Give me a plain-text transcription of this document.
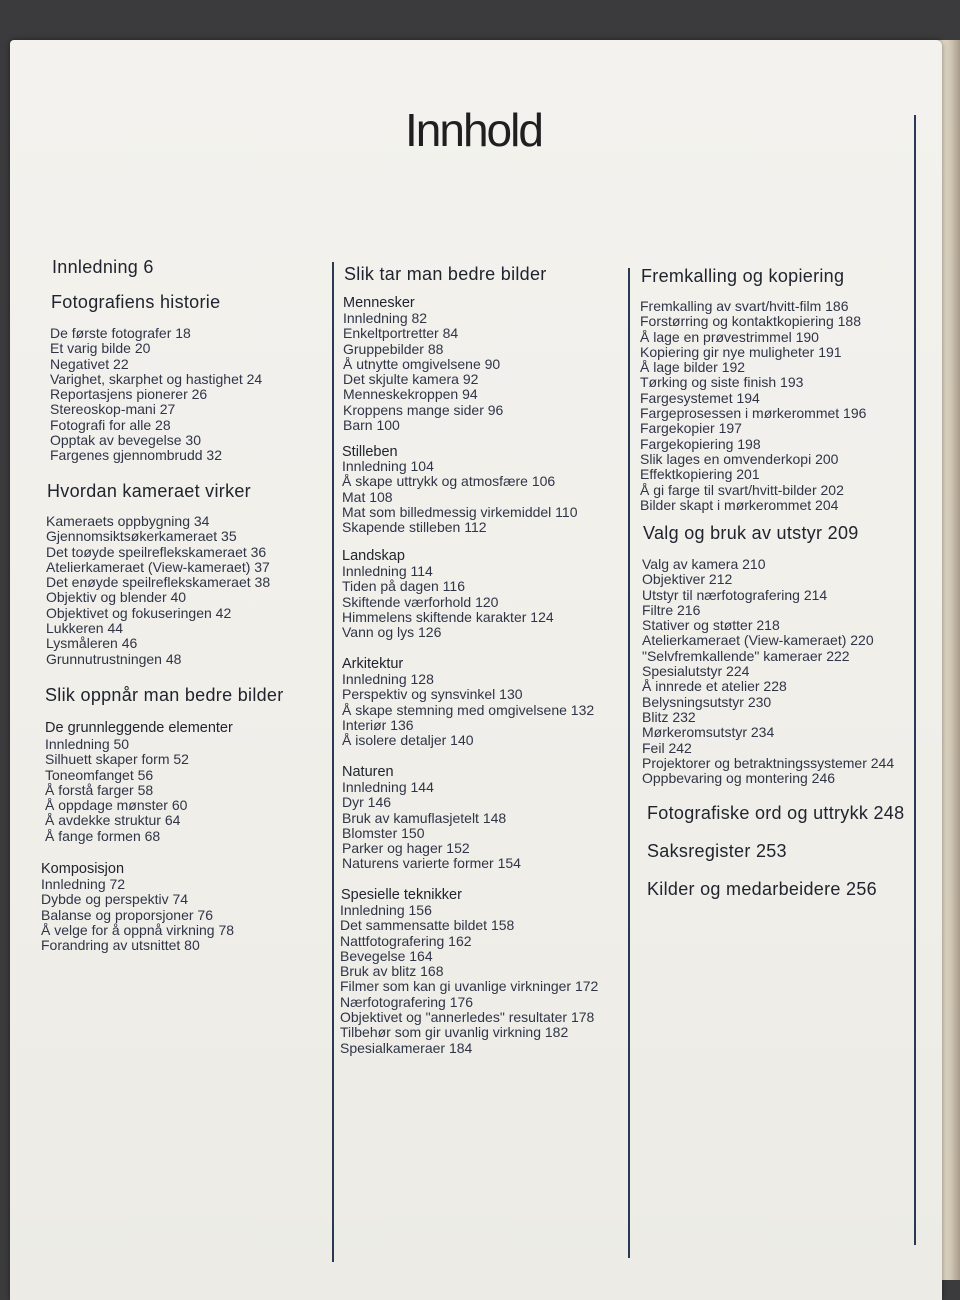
Innhold
Innledning 6
Fotografiens historie
De første fotografer 18
Et varig bilde 20
Negativet 22
Varighet, skarphet og hastighet 24
Reportasjens pionerer 26
Stereoskop-mani 27
Fotografi for alle 28
Opptak av bevegelse 30
Fargenes gjennombrudd 32
Hvordan kameraet virker
Kameraets oppbygning 34
Gjennomsiktsøkerkameraet 35
Det toøyde speilreflekskameraet 36
Atelierkameraet (View-kameraet) 37
Det enøyde speilreflekskameraet 38
Objektiv og blender 40
Objektivet og fokuseringen 42
Lukkeren 44
Lysmåleren 46
Grunnutrustningen 48
Slik oppnår man bedre bilder
De grunnleggende elementer
Innledning 50
Silhuett skaper form 52
Toneomfanget 56
Å forstå farger 58
Å oppdage mønster 60
Å avdekke struktur 64
Å fange formen 68
Komposisjon
Innledning 72
Dybde og perspektiv 74
Balanse og proporsjoner 76
Å velge for å oppnå virkning 78
Forandring av utsnittet 80
Slik tar man bedre bilder
Mennesker
Innledning 82
Enkeltportretter 84
Gruppebilder 88
Å utnytte omgivelsene 90
Det skjulte kamera 92
Menneskekroppen 94
Kroppens mange sider 96
Barn 100
Stilleben
Innledning 104
Å skape uttrykk og atmosfære 106
Mat 108
Mat som billedmessig virkemiddel 110
Skapende stilleben 112
Landskap
Innledning 114
Tiden på dagen 116
Skiftende værforhold 120
Himmelens skiftende karakter 124
Vann og lys 126
Arkitektur
Innledning 128
Perspektiv og synsvinkel 130
Å skape stemning med omgivelsene 132
Interiør 136
Å isolere detaljer 140
Naturen
Innledning 144
Dyr 146
Bruk av kamuflasjetelt 148
Blomster 150
Parker og hager 152
Naturens varierte former 154
Spesielle teknikker
Innledning 156
Det sammensatte bildet 158
Nattfotografering 162
Bevegelse 164
Bruk av blitz 168
Filmer som kan gi uvanlige virkninger 172
Nærfotografering 176
Objektivet og "annerledes" resultater 178
Tilbehør som gir uvanlig virkning 182
Spesialkameraer 184
Fremkalling og kopiering
Fremkalling av svart/hvitt-film 186
Forstørring og kontaktkopiering 188
Å lage en prøvestrimmel 190
Kopiering gir nye muligheter 191
Å lage bilder 192
Tørking og siste finish 193
Fargesystemet 194
Fargeprosessen i mørkerommet 196
Fargekopier 197
Fargekopiering 198
Slik lages en omvenderkopi 200
Effektkopiering 201
Å gi farge til svart/hvitt-bilder 202
Bilder skapt i mørkerommet 204
Valg og bruk av utstyr 209
Valg av kamera 210
Objektiver 212
Utstyr til nærfotografering 214
Filtre 216
Stativer og støtter 218
Atelierkameraet (View-kameraet) 220
"Selvfremkallende" kameraer 222
Spesialutstyr 224
Å innrede et atelier 228
Belysningsutstyr 230
Blitz 232
Mørkeromsutstyr 234
Feil 242
Projektorer og betraktningssystemer 244
Oppbevaring og montering 246
Fotografiske ord og uttrykk 248
Saksregister 253
Kilder og medarbeidere 256
